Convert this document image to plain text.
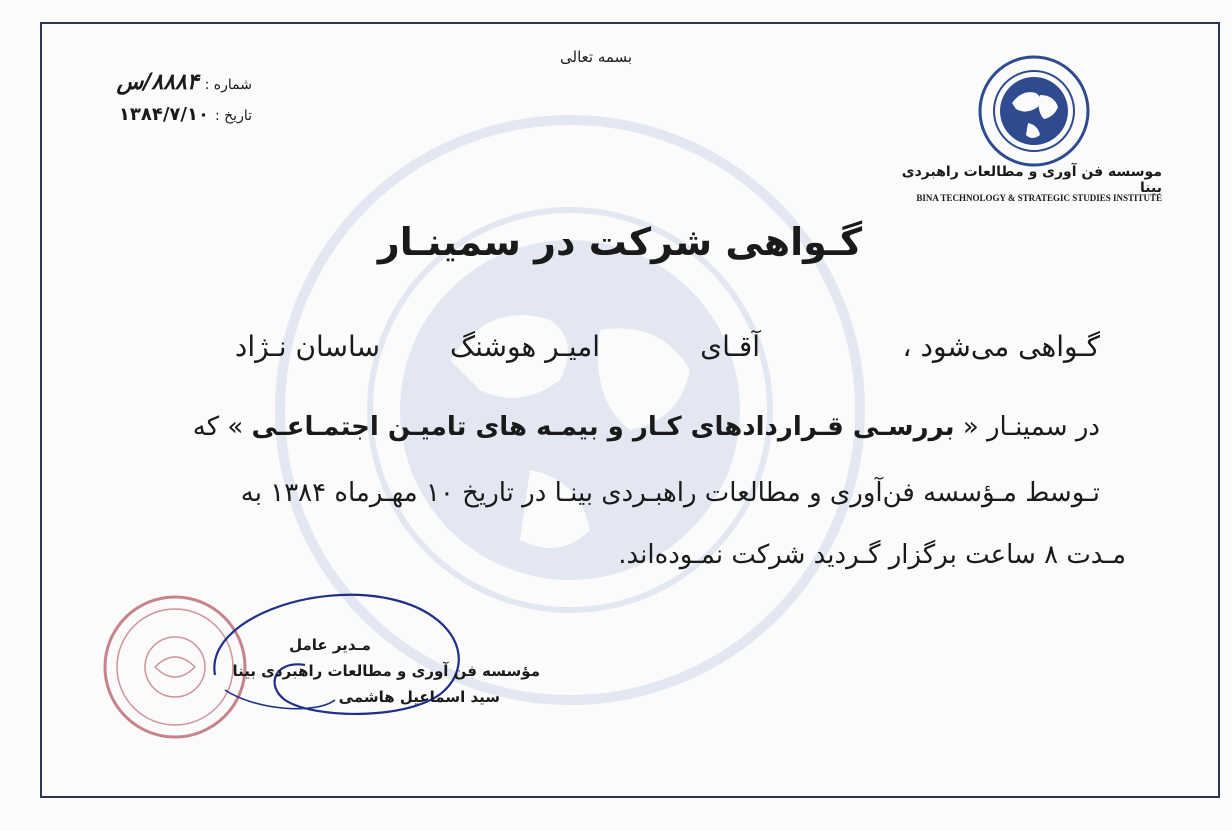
بسمه تعالی
شماره :۸۸۸۴/س
تاریخ :۱۳۸۴/۷/۱۰
موسسه فن آوری و مطالعات راهبردی بینا
BINA TECHNOLOGY & STRATEGIC STUDIES INSTITUTE
گـواهی شرکت در سمینـار
گـواهی می‌شود ،
آقـای
امیـر هوشنگ
ساسان نـژاد
در سمینـار « بررسـی قـراردادهای کـار و بیمـه های تامیـن اجتمـاعـی » که
تـوسط مـؤسسه فن‌آوری و مطالعات راهبـردی بینـا در تاریخ ۱۰ مهـرماه ۱۳۸۴ به
مـدت ۸ ساعت برگزار گـردید شرکت نمـوده‌اند.
مـدیر عامل
مؤسسه فن آوری و مطالعات راهبردی بینا
سید اسماعیل هاشمی
